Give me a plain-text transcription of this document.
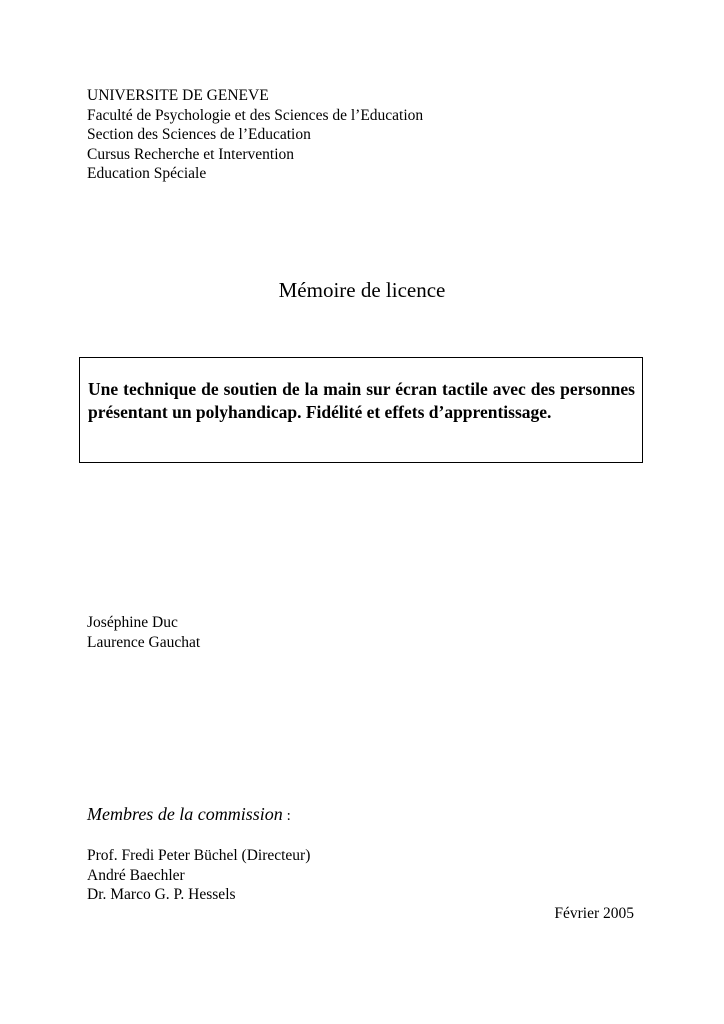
UNIVERSITE DE GENEVE
Faculté de Psychologie et des Sciences de l’Education
Section des Sciences de l’Education
Cursus Recherche et Intervention
Education Spéciale
Mémoire de licence

Une technique de soutien de la main sur écran tactile avec des personnes présentant un polyhandicap. Fidélité et effets d’apprentissage.

Joséphine Duc
Laurence Gauchat
Membres de la commission :
Prof. Fredi Peter Büchel (Directeur)
André Baechler
Dr. Marco G. P. Hessels
Février 2005
